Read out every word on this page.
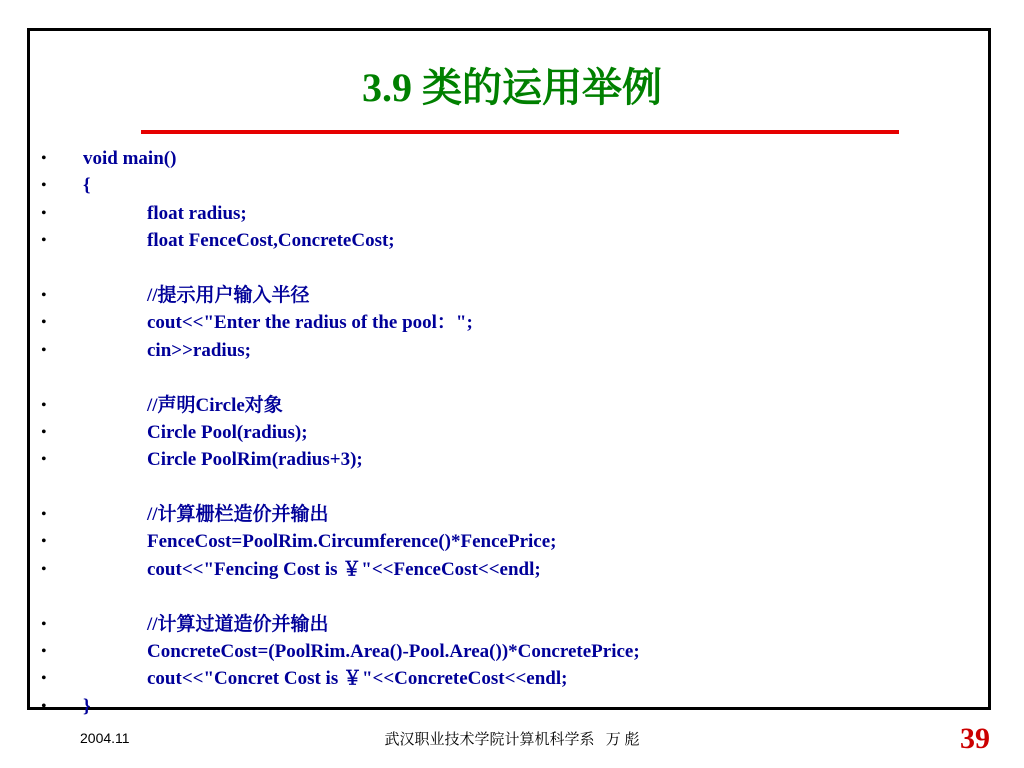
3.9 类的运用举例
•	void main()
•	{
•	float radius;
•	float FenceCost,ConcreteCost;
•	//提示用户输入半径
•	cout<<"Enter the radius of the pool：";
•	cin>>radius;
•	//声明Circle对象
•	Circle Pool(radius);
•	Circle PoolRim(radius+3);
•	//计算栅栏造价并输出
•	FenceCost=PoolRim.Circumference()*FencePrice;
•	cout<<"Fencing Cost is ￥"<<FenceCost<<endl;
•	//计算过道造价并输出
•	ConcreteCost=(PoolRim.Area()-Pool.Area())*ConcretePrice;
•	cout<<"Concret Cost is ￥"<<ConcreteCost<<endl;
•	}
2004.11	武汉职业技术学院计算机科学系   万 彪	39
